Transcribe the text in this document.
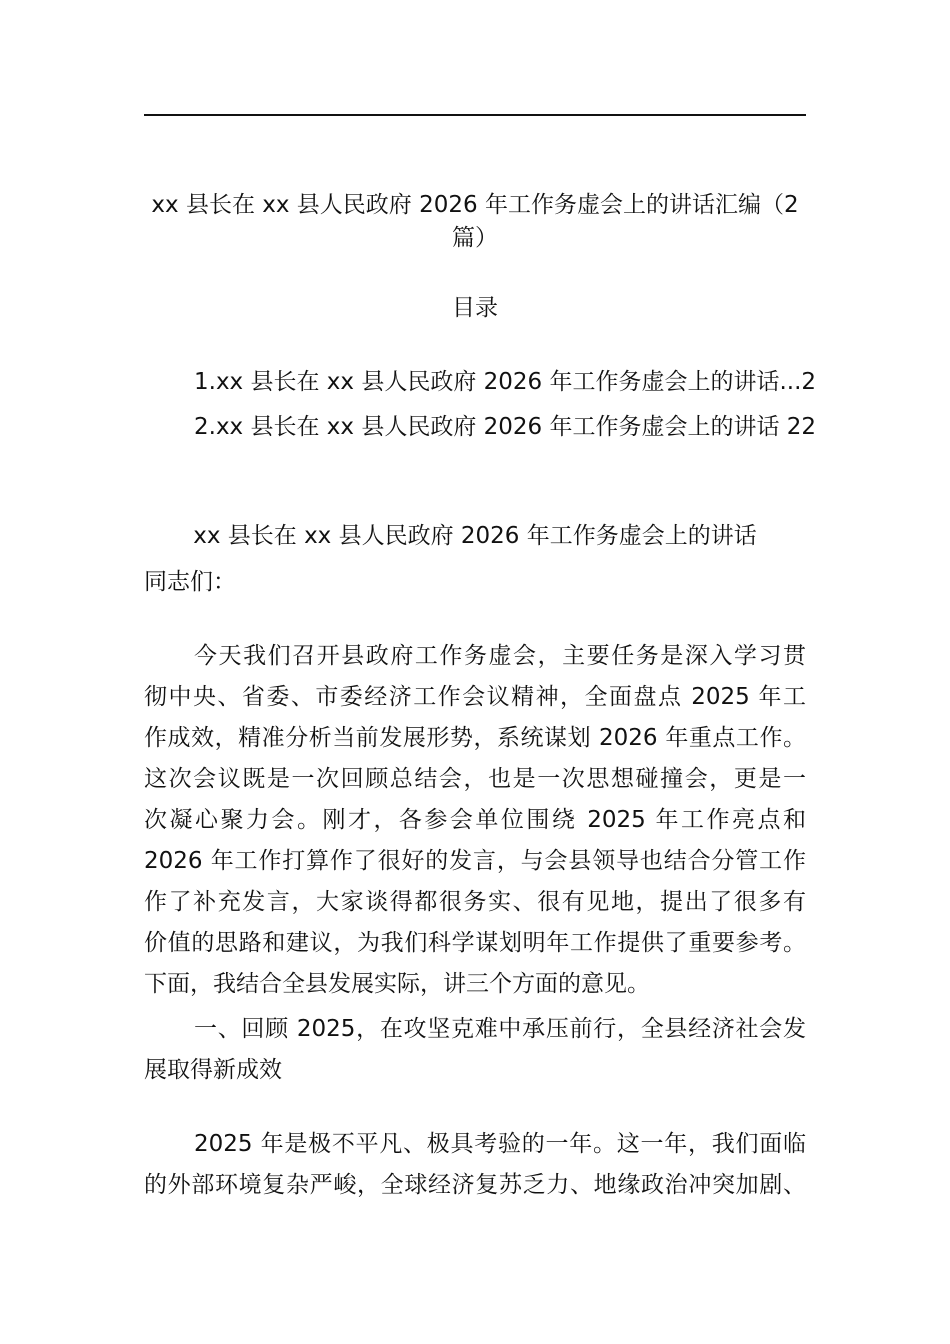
xx 县长在 xx 县人民政府 2026 年工作务虚会上的讲话汇编（2
篇）
目录
1.xx 县长在 xx 县人民政府 2026 年工作务虚会上的讲话...2
2.xx 县长在 xx 县人民政府 2026 年工作务虚会上的讲话 22
xx 县长在 xx 县人民政府 2026 年工作务虚会上的讲话
同志们：
今天我们召开县政府工作务虚会，主要任务是深入学习贯
彻中央、省委、市委经济工作会议精神，全面盘点 2025 年工
作成效，精准分析当前发展形势，系统谋划 2026 年重点工作。
这次会议既是一次回顾总结会，也是一次思想碰撞会，更是一
次凝心聚力会。刚才，各参会单位围绕 2025 年工作亮点和
2026 年工作打算作了很好的发言，与会县领导也结合分管工作
作了补充发言，大家谈得都很务实、很有见地，提出了很多有
价值的思路和建议，为我们科学谋划明年工作提供了重要参考。
下面，我结合全县发展实际，讲三个方面的意见。
一、回顾 2025，在攻坚克难中承压前行，全县经济社会发
展取得新成效
2025 年是极不平凡、极具考验的一年。这一年，我们面临
的外部环境复杂严峻，全球经济复苏乏力、地缘政治冲突加剧、
